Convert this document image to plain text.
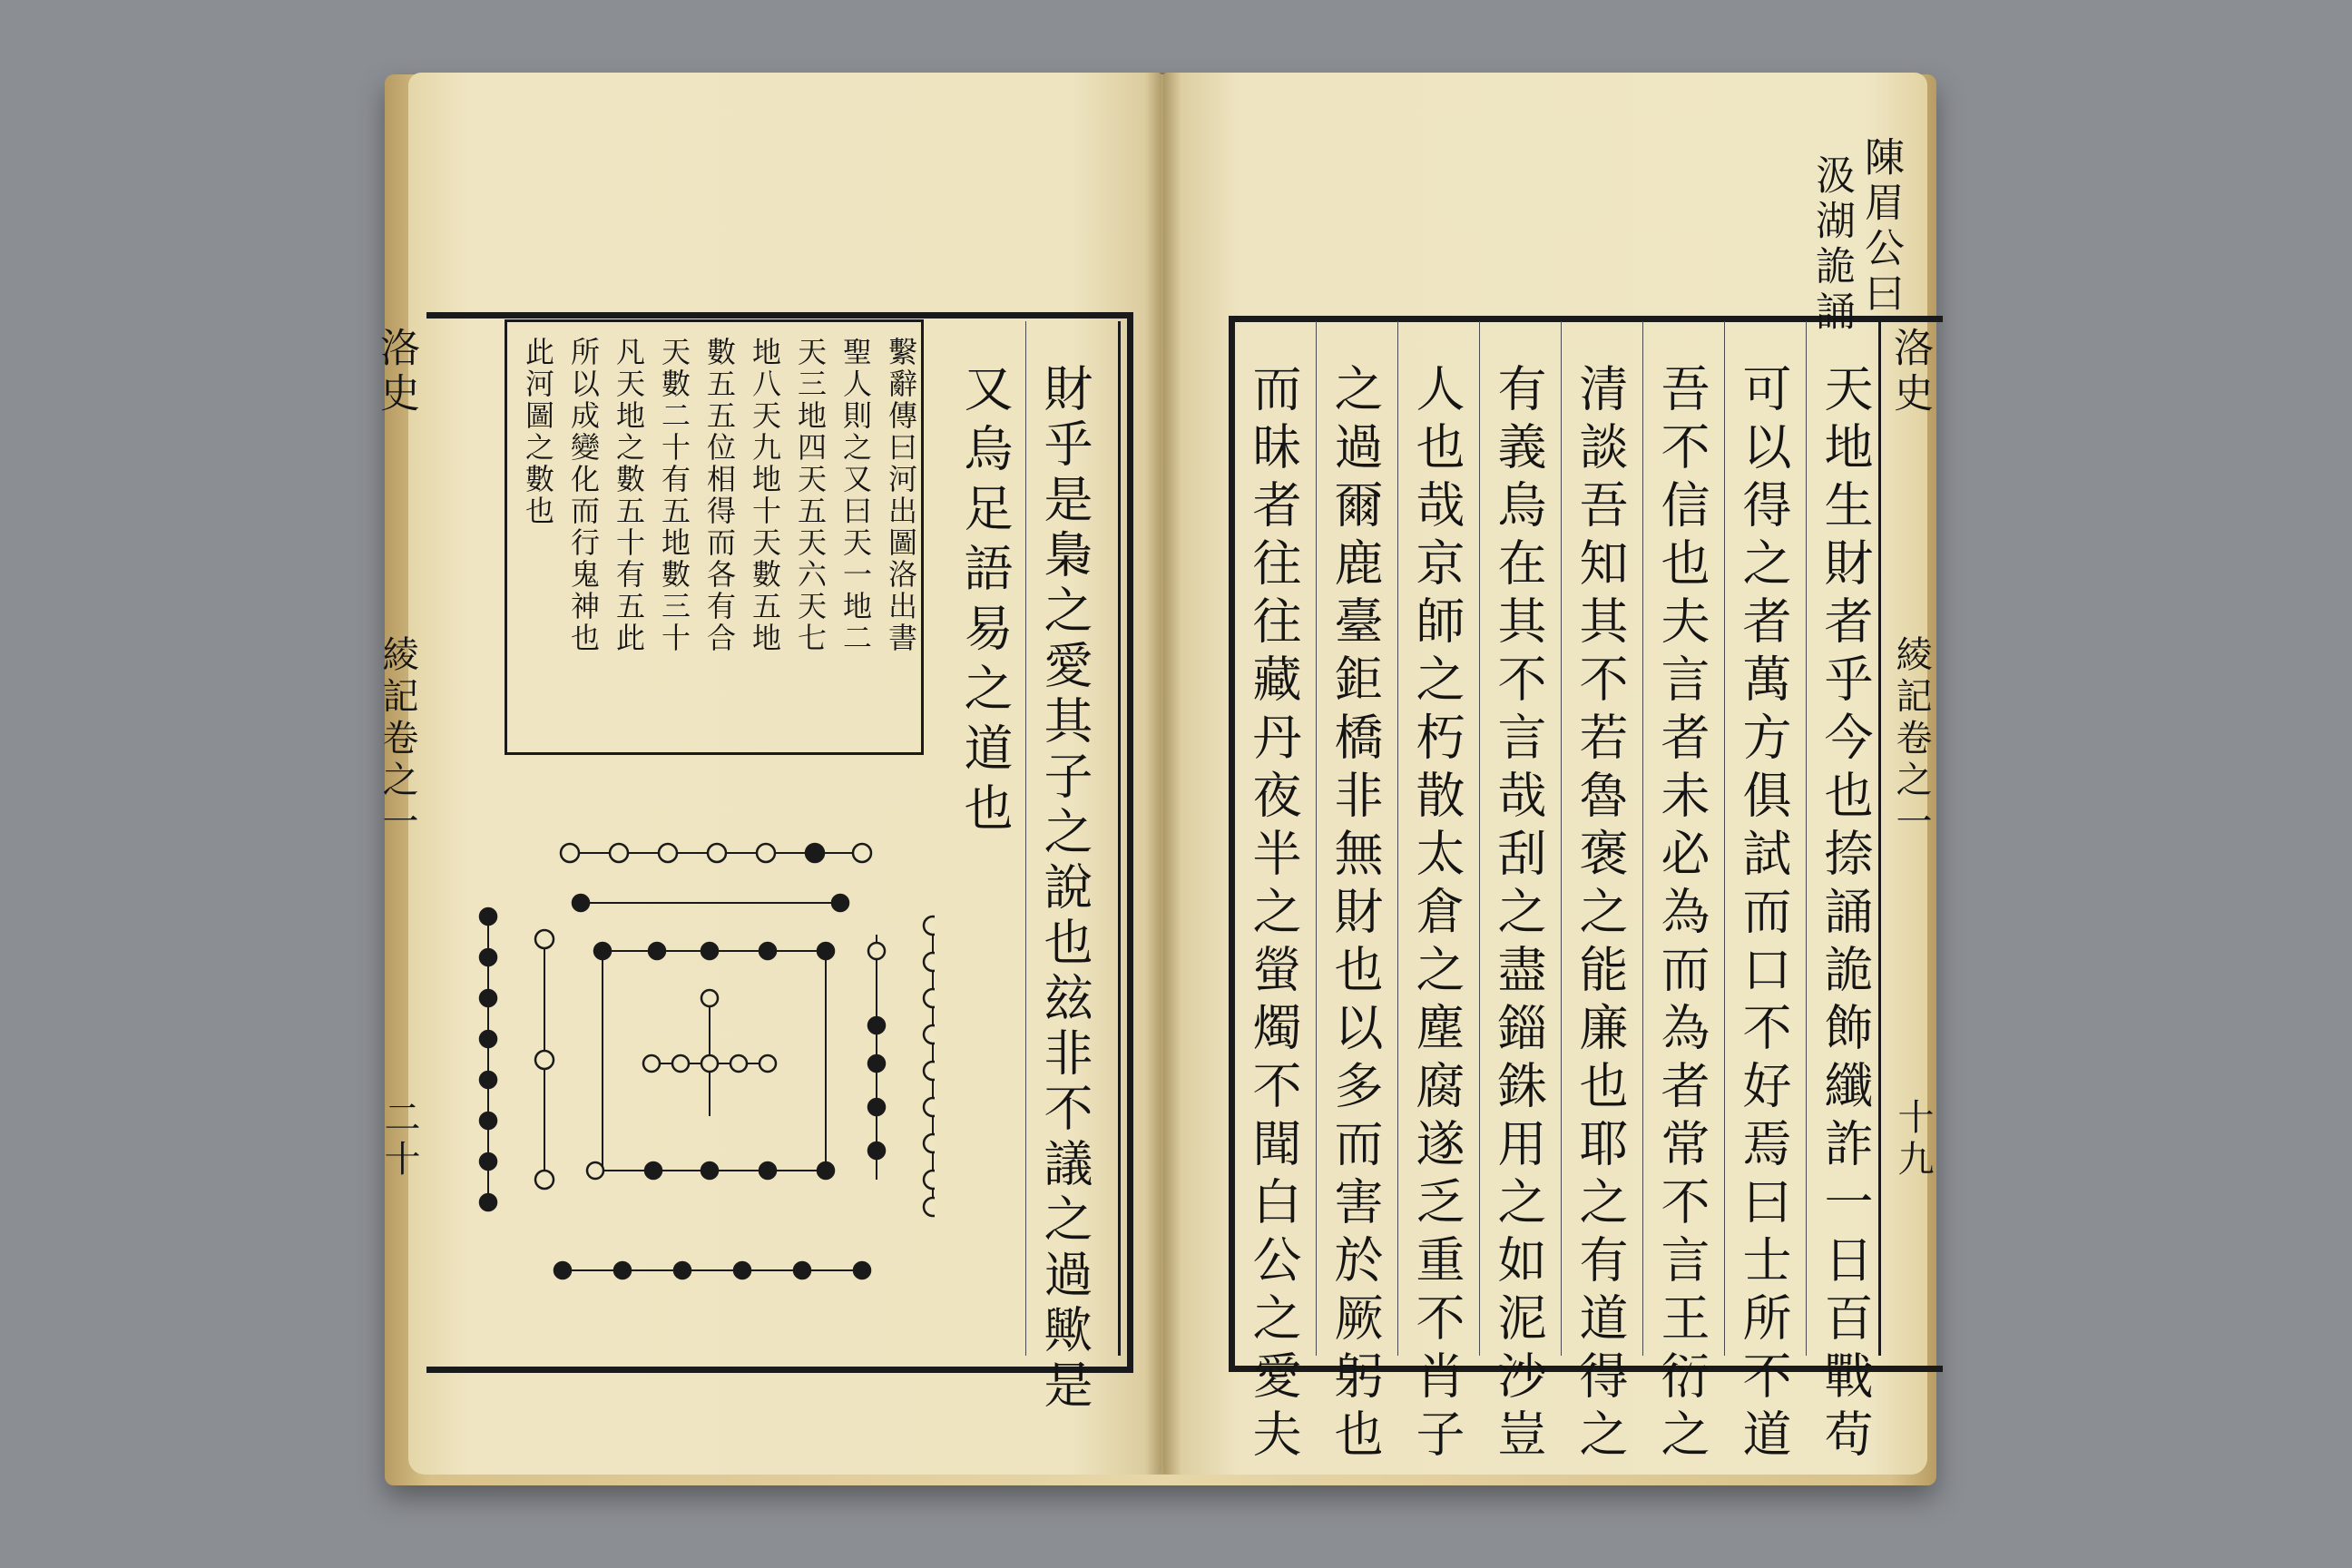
洛史
綾記卷之一
二十
繫辭傳曰河出圖洛出書
聖人則之又曰天一地二
天三地四天五天六天七
地八天九地十天數五地
數五五位相得而各有合
天數二十有五地數三十
凡天地之數五十有五此
所以成變化而行鬼神也
此河圖之數也	又烏足語易之道也 財乎是梟之愛其子之說也玆非不議之過歟是
陳眉公曰
汲湖詭誦
洛史
綾記卷之一
十九
天地生財者乎今也捺誦詭飾纖詐一日百戰苟
可以得之者萬方俱試而口不好焉曰士所不道
吾不信也夫言者未必為而為者常不言王衍之
清談吾知其不若魯褒之能廉也耶之有道得之
有義烏在其不言哉刮之盡錙銖用之如泥沙豈
人也哉京師之朽散太倉之塵腐遂乏重不肖子
之過爾鹿臺鉅橋非無財也以多而害於厥躬也
而昧者往往藏丹夜半之螢燭不聞白公之愛夫
